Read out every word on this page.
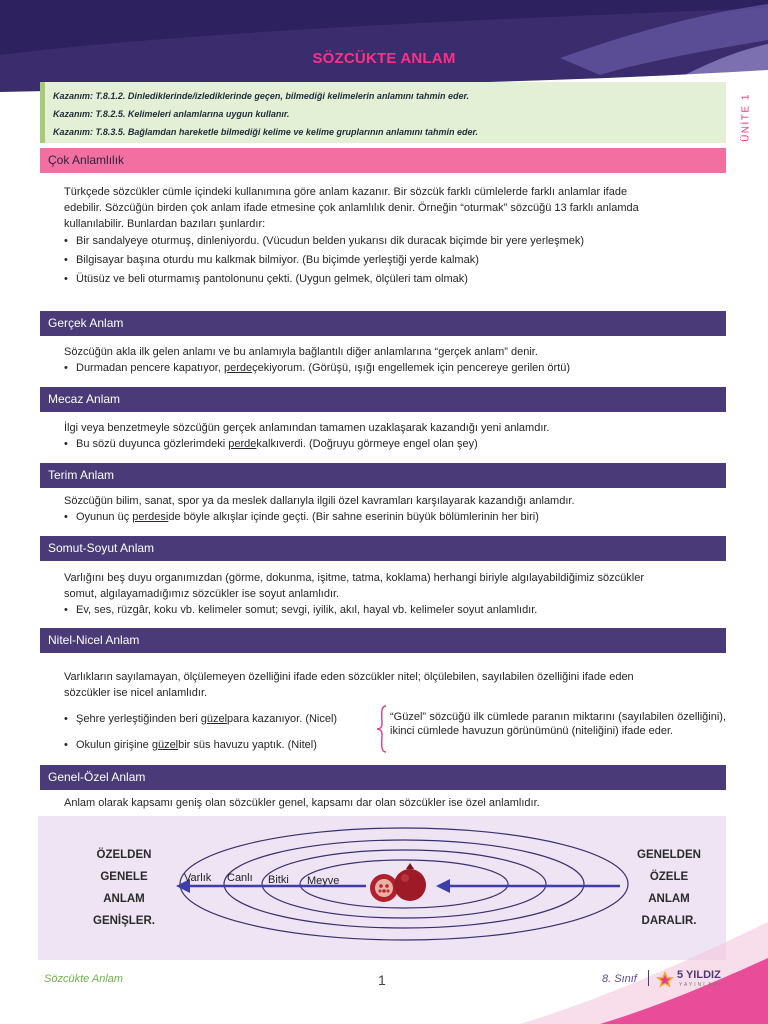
SÖZCÜKTE ANLAM
ÜNİTE 1
Kazanım: T.8.1.2. Dinlediklerinde/izlediklerinde geçen, bilmediği kelimelerin anlamını tahmin eder.
Kazanım: T.8.2.5. Kelimeleri anlamlarına uygun kullanır.
Kazanım: T.8.3.5. Bağlamdan hareketle bilmediği kelime ve kelime gruplarının anlamını tahmin eder.
Çok Anlamlılık
Türkçede sözcükler cümle içindeki kullanımına göre anlam kazanır. Bir sözcük farklı cümlelerde farklı anlamlar ifade
edebilir. Sözcüğün birden çok anlam ifade etmesine çok anlamlılık denir. Örneğin “oturmak” sözcüğü 13 farklı anlamda
kullanılabilir. Bunlardan bazıları şunlardır:
• Bir sandalyeye oturmuş, dinleniyordu. (Vücudun belden yukarısı dik duracak biçimde bir yere yerleşmek)
• Bilgisayar başına oturdu mu kalkmak bilmiyor. (Bu biçimde yerleştiği yerde kalmak)
• Ütüsüz ve beli oturmamış pantolonunu çekti. (Uygun gelmek, ölçüleri tam olmak)
Gerçek Anlam
Sözcüğün akla ilk gelen anlamı ve bu anlamıyla bağlantılı diğer anlamlarına “gerçek anlam” denir.
• Durmadan pencere kapatıyor,
perde çekiyorum. (Görüşü, ışığı engellemek için pencereye gerilen örtü)
Mecaz Anlam
İlgi veya benzetmeyle sözcüğün gerçek anlamından tamamen uzaklaşarak kazandığı yeni anlamdır.
• Bu sözü duyunca gözlerimdeki
perde kalkıverdi. (Doğruyu görmeye engel olan şey)
Terim Anlam
Sözcüğün bilim, sanat, spor ya da meslek dallarıyla ilgili özel kavramları karşılayarak kazandığı anlamdır.
• Oyunun üç
perdesi de böyle alkışlar içinde geçti. (Bir sahne eserinin büyük bölümlerinin her biri)
Somut-Soyut Anlam
Varlığını beş duyu organımızdan (görme, dokunma, işitme, tatma, koklama) herhangi biriyle algılayabildiğimiz sözcükler
somut, algılayamadığımız sözcükler ise soyut anlamlıdır.
• Ev, ses, rüzgâr, koku vb. kelimeler somut; sevgi, iyilik, akıl, hayal vb. kelimeler soyut anlamlıdır.
Nitel-Nicel Anlam
Varlıkların sayılamayan, ölçülemeyen özelliğini ifade eden sözcükler nitel; ölçülebilen, sayılabilen özelliğini ifade eden
sözcükler ise nicel anlamlıdır.
• Şehre yerleştiğinden beri
güzel para kazanıyor. (Nicel)
• Okulun girişine
güzel bir süs havuzu yaptık. (Nitel)
“Güzel” sözcüğü ilk cümlede paranın miktarını (sayılabilen özelliğini), ikinci cümlede havuzun görünümünü (niteliğini) ifade eder.
Genel-Özel Anlam
Anlam olarak kapsamı geniş olan sözcükler genel, kapsamı dar olan sözcükler ise özel anlamlıdır.
ÖZELDEN
GENELE
ANLAM
GENİŞLER.
GENELDEN
ÖZELE
ANLAM
DARALIR.
Varlık Canlı Bitki Meyve
Sözcükte Anlam	1	8. Sınıf	5 YILDIZ
YAYINLARI
